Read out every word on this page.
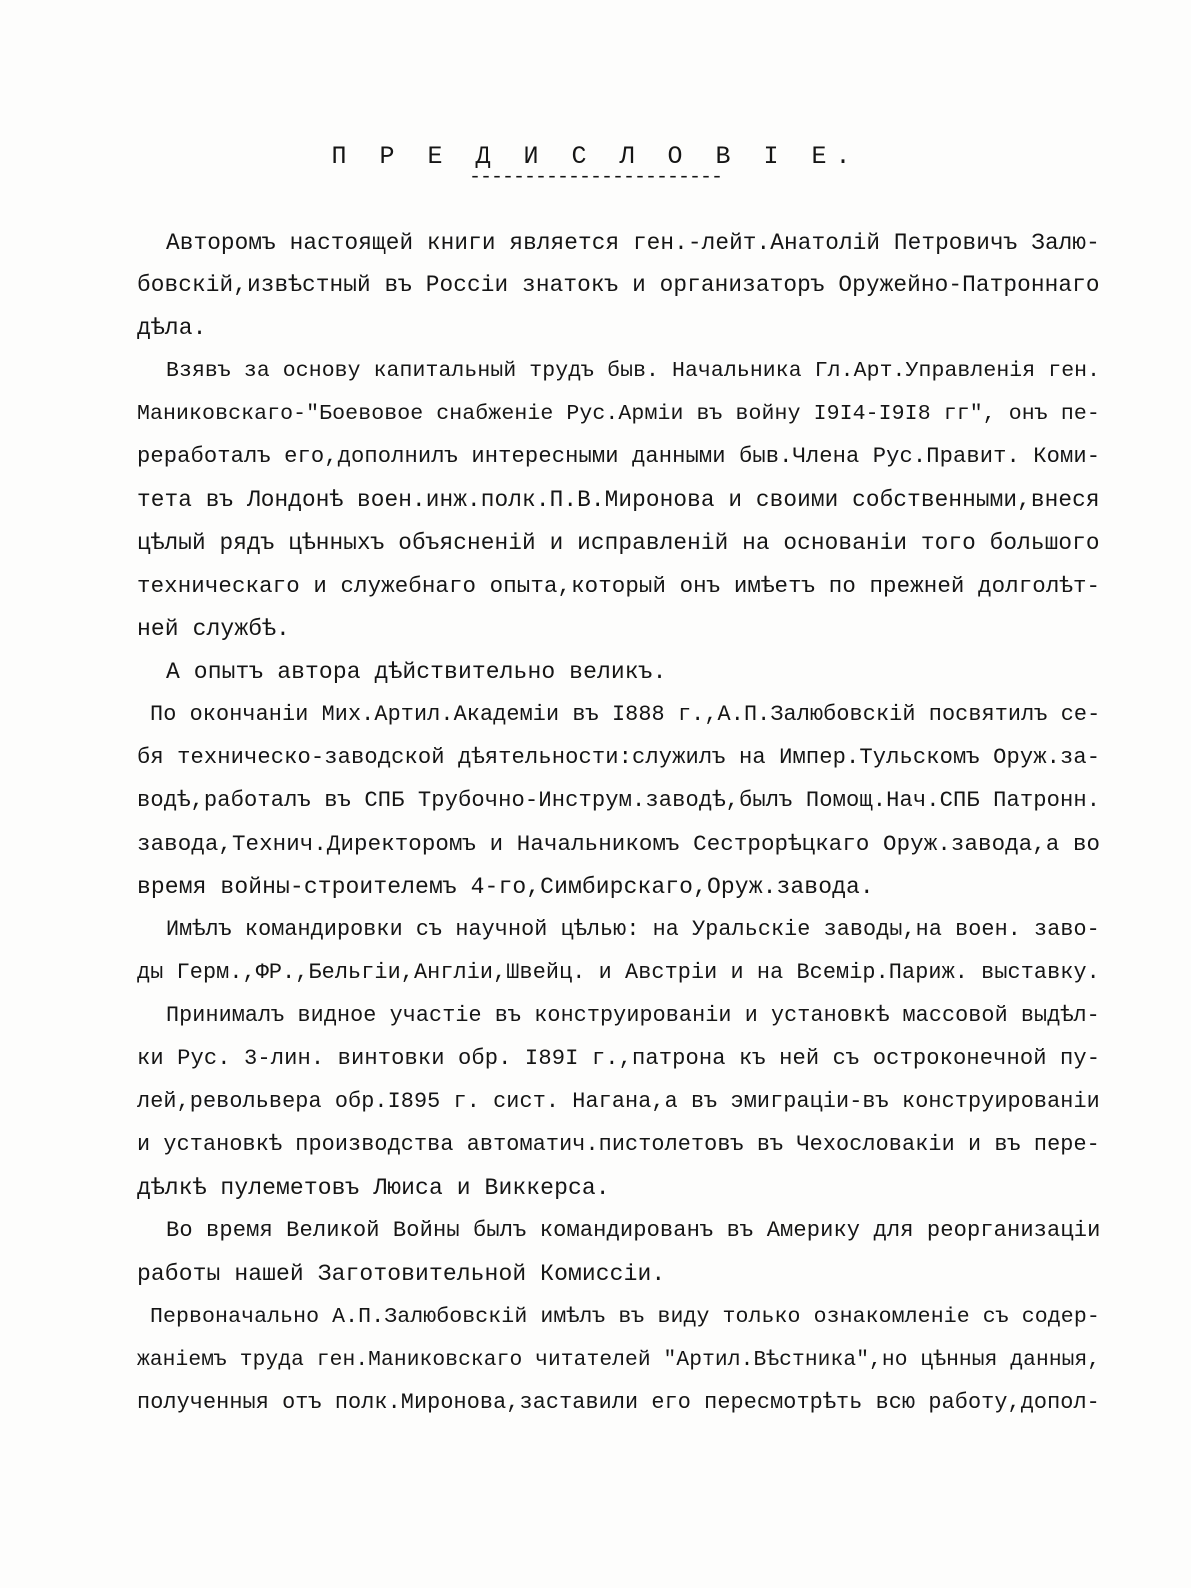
П Р Е Д И С Л О В І Е.
-----------------------
Авторомъ настоящей книги является ген.-лейт.Анатолій Петровичъ Залю-
бовскій,извѣстный въ Россіи знатокъ и организаторъ Оружейно-Патроннаго
дѣла.
Взявъ за основу капитальный трудъ быв. Начальника Гл.Арт.Управленія ген.
Маниковскаго-"Боевовое снабженіе Рус.Арміи въ войну I9I4-I9I8 гг", онъ пе-
реработалъ его,дополнилъ интересными данными быв.Члена Рус.Правит. Коми-
тета въ Лондонѣ воен.инж.полк.П.В.Миронова и своими собственными,внеся
цѣлый рядъ цѣнныхъ объясненій и исправленій на основаніи того большого
техническаго и служебнаго опыта,который онъ имѣетъ по прежней долголѣт-
ней службѣ.
А опытъ автора дѣйствительно великъ.
По окончаніи Мих.Артил.Академіи въ I888 г.,А.П.Залюбовскій посвятилъ се-
бя техническо-заводской дѣятельности:служилъ на Импер.Тульскомъ Оруж.за-
водѣ,работалъ въ СПБ Трубочно-Инструм.заводѣ,былъ Помощ.Нач.СПБ Патронн.
завода,Технич.Директоромъ и Начальникомъ Сестрорѣцкаго Оруж.завода,а во
время войны-строителемъ 4-го,Симбирскаго,Оруж.завода.
Имѣлъ командировки съ научной цѣлью: на Уральскіе заводы,на воен. заво-
ды Герм.,ФР.,Бельгіи,Англіи,Швейц. и Австріи и на Всеміp.Париж. выставку.
Принималъ видное участіе въ конструированіи и установкѣ массовой выдѣл-
ки Рус. 3-лин. винтовки обр. I89I г.,патрона къ ней съ остроконечной пу-
лей,револьвера обр.I895 г. сист. Нагана,а въ эмиграціи-въ конструированіи
и установкѣ производства автоматич.пистолетовъ въ Чехословакіи и въ пере-
дѣлкѣ пулеметовъ Люиса и Виккерса.
Во время Великой Войны былъ командированъ въ Америку для реорганизаціи
работы нашей Заготовительной Комиссіи.
Первоначально А.П.Залюбовскій имѣлъ въ виду только ознакомленіе съ содер-
жаніемъ труда ген.Маниковскаго читателей "Артил.Вѣстника",но цѣнныя данныя,
полученныя отъ полк.Миронова,заставили его пересмотрѣть всю работу,допол-
